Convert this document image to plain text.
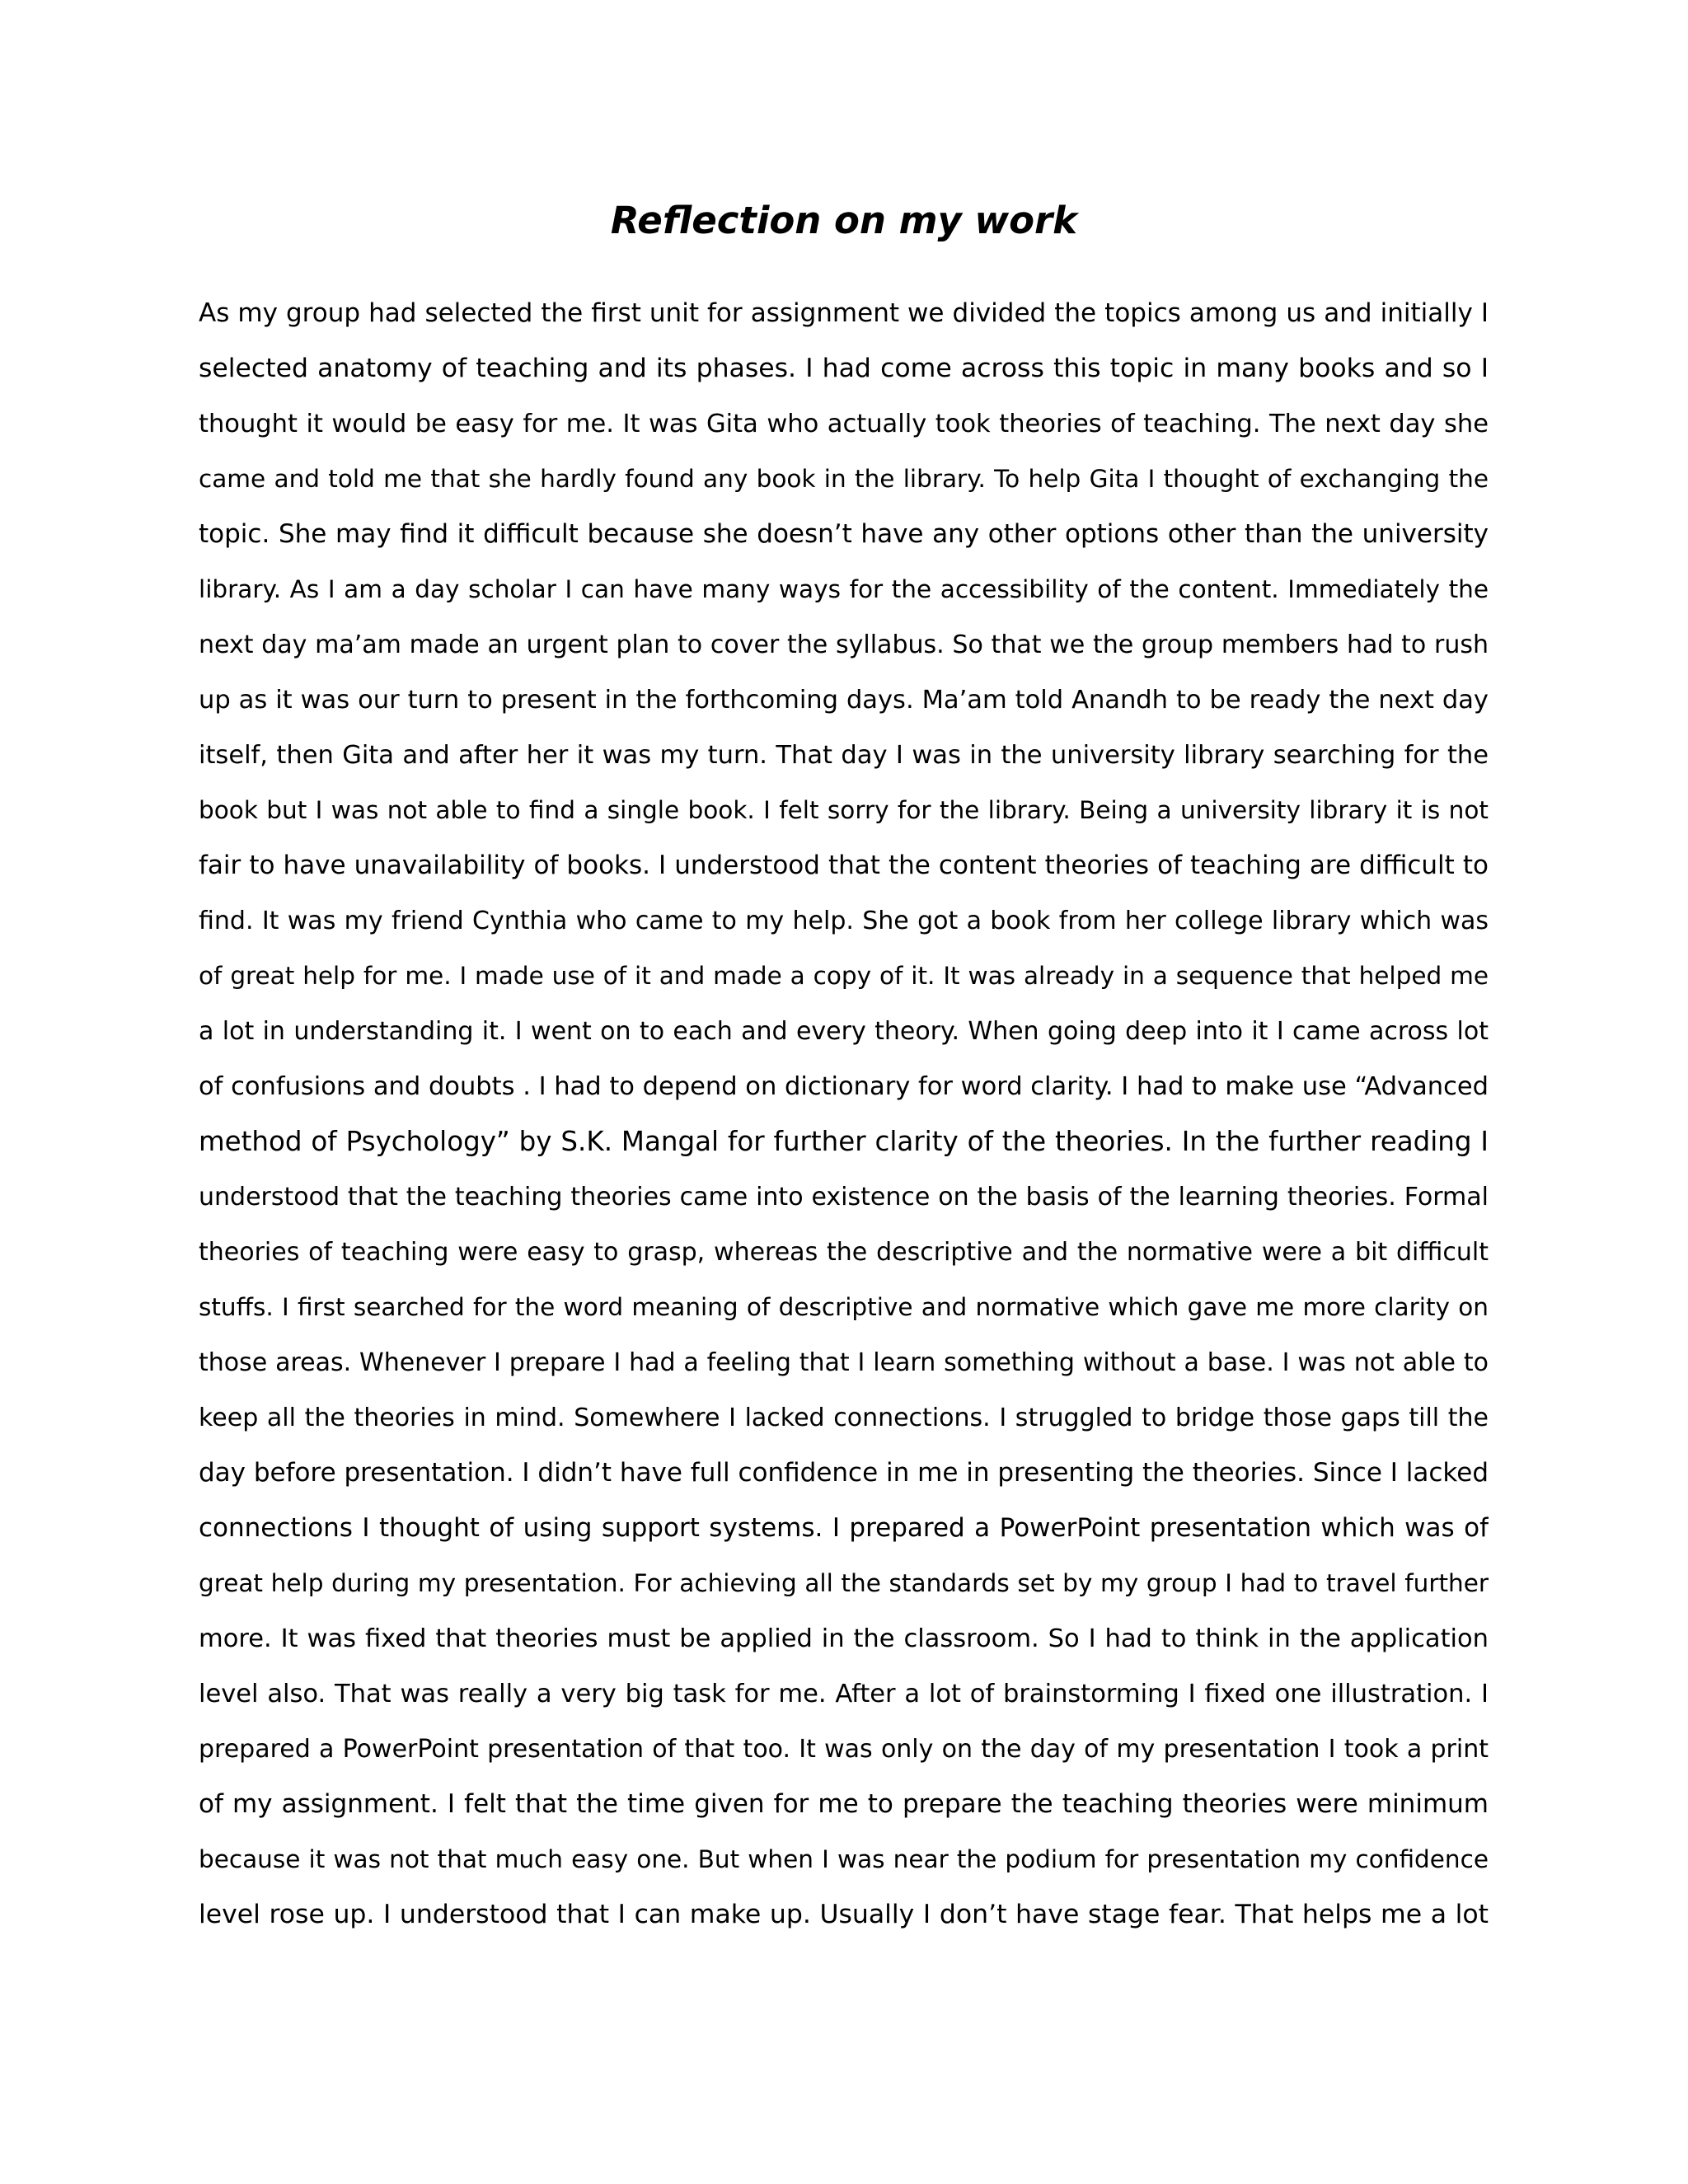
Reflection on my work
As my group had selected the first unit for assignment we divided the topics among us and initially I
selected anatomy of teaching and its phases. I had come across this topic in many books and so I
thought it would be easy for me. It was Gita who actually took theories of teaching. The next day she
came and told me that she hardly found any book in the library. To help Gita I thought of exchanging the
topic. She may find it difficult because she doesn’t have any other options other than the university
library. As I am a day scholar I can have many ways for the accessibility of the content. Immediately the
next day ma’am made an urgent plan to cover the syllabus. So that we the group members had to rush
up as it was our turn to present in the forthcoming days. Ma’am told Anandh to be ready the next day
itself, then Gita and after her it was my turn. That day I was in the university library searching for the
book but I was not able to find a single book. I felt sorry for the library. Being a university library it is not
fair to have unavailability of books. I understood that the content theories of teaching are difficult to
find. It was my friend Cynthia who came to my help. She got a book from her college library which was
of great help for me. I made use of it and made a copy of it. It was already in a sequence that helped me
a lot in understanding it. I went on to each and every theory. When going deep into it I came across lot
of confusions and doubts . I had to depend on dictionary for word clarity. I had to make use “Advanced
method of Psychology” by S.K. Mangal for further clarity of the theories. In the further reading I
understood that the teaching theories came into existence on the basis of the learning theories. Formal
theories of teaching were easy to grasp, whereas the descriptive and the normative were a bit difficult
stuffs. I first searched for the word meaning of descriptive and normative which gave me more clarity on
those areas. Whenever I prepare I had a feeling that I learn something without a base. I was not able to
keep all the theories in mind. Somewhere I lacked connections. I struggled to bridge those gaps till the
day before presentation. I didn’t have full confidence in me in presenting the theories. Since I lacked
connections I thought of using support systems. I prepared a PowerPoint presentation which was of
great help during my presentation. For achieving all the standards set by my group I had to travel further
more. It was fixed that theories must be applied in the classroom. So I had to think in the application
level also. That was really a very big task for me. After a lot of brainstorming I fixed one illustration. I
prepared a PowerPoint presentation of that too. It was only on the day of my presentation I took a print
of my assignment. I felt that the time given for me to prepare the teaching theories were minimum
because it was not that much easy one. But when I was near the podium for presentation my confidence
level rose up. I understood that I can make up. Usually I don’t have stage fear. That helps me a lot
